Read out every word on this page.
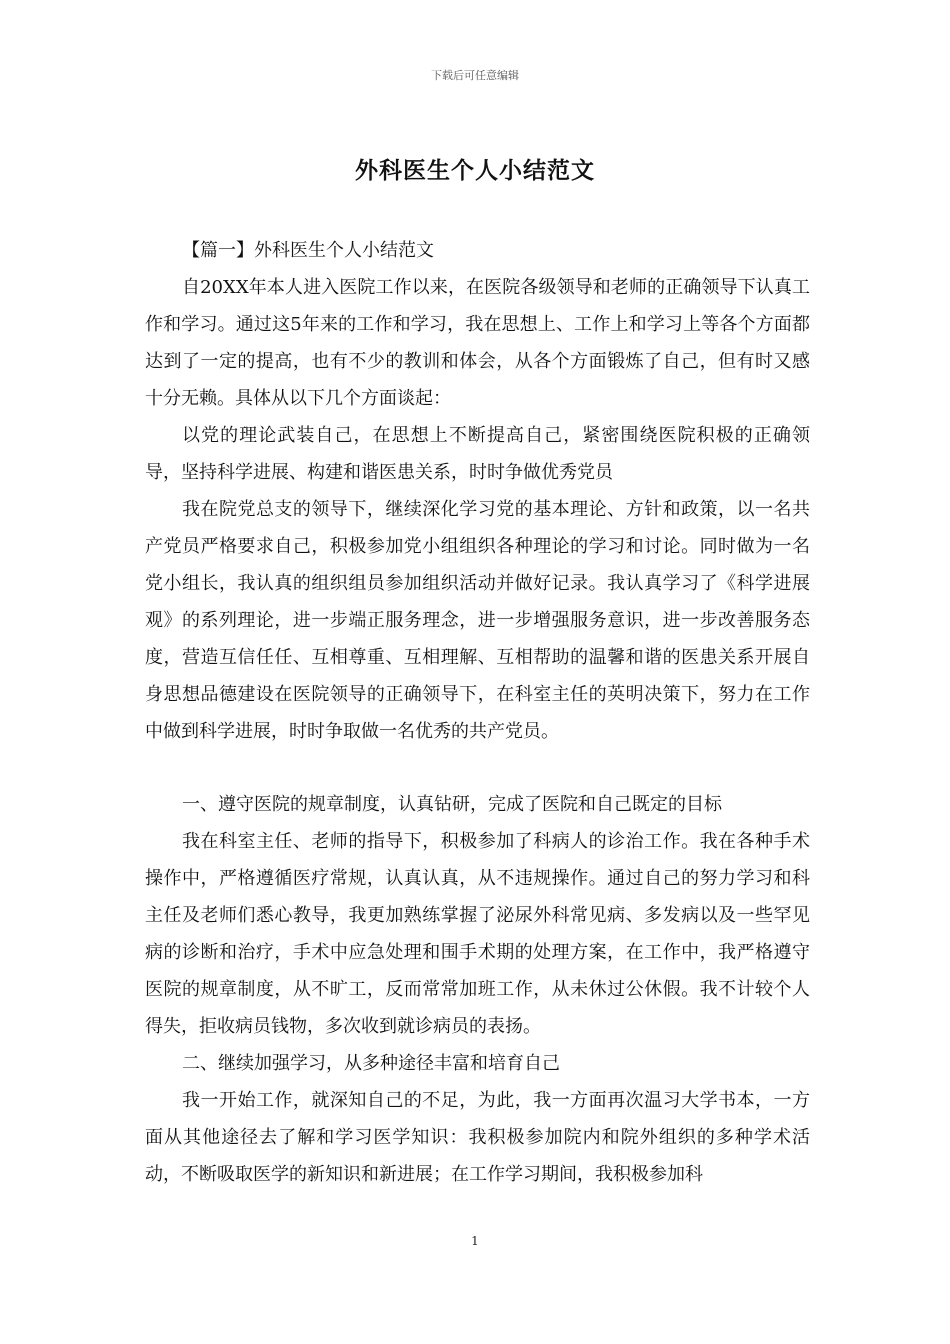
下载后可任意编辑
外科医生个人小结范文

【篇一】外科医生个人小结范文

自20XX年本人进入医院工作以来，在医院各级领导和老师的正确领导下认真工作和学习。通过这5年来的工作和学习，我在思想上、工作上和学习上等各个方面都达到了一定的提高，也有不少的教训和体会，从各个方面锻炼了自己，但有时又感十分无赖。具体从以下几个方面谈起：

以党的理论武装自己，在思想上不断提高自己，紧密围绕医院积极的正确领导，坚持科学进展、构建和谐医患关系，时时争做优秀党员

我在院党总支的领导下，继续深化学习党的基本理论、方针和政策，以一名共产党员严格要求自己，积极参加党小组组织各种理论的学习和讨论。同时做为一名党小组长，我认真的组织组员参加组织活动并做好记录。我认真学习了《科学进展观》的系列理论，进一步端正服务理念，进一步增强服务意识，进一步改善服务态度，营造互信任任、互相尊重、互相理解、互相帮助的温馨和谐的医患关系开展自身思想品德建设在医院领导的正确领导下，在科室主任的英明决策下，努力在工作中做到科学进展，时时争取做一名优秀的共产党员。

一、遵守医院的规章制度，认真钻研，完成了医院和自己既定的目标

我在科室主任、老师的指导下，积极参加了科病人的诊治工作。我在各种手术操作中，严格遵循医疗常规，认真认真，从不违规操作。通过自己的努力学习和科主任及老师们悉心教导，我更加熟练掌握了泌尿外科常见病、多发病以及一些罕见病的诊断和治疗，手术中应急处理和围手术期的处理方案，在工作中，我严格遵守医院的规章制度，从不旷工，反而常常加班工作，从未休过公休假。我不计较个人得失，拒收病员钱物，多次收到就诊病员的表扬。

二、继续加强学习，从多种途径丰富和培育自己

我一开始工作，就深知自己的不足，为此，我一方面再次温习大学书本，一方面从其他途径去了解和学习医学知识：我积极参加院内和院外组织的多种学术活动，不断吸取医学的新知识和新进展；在工作学习期间，我积极参加科

1
